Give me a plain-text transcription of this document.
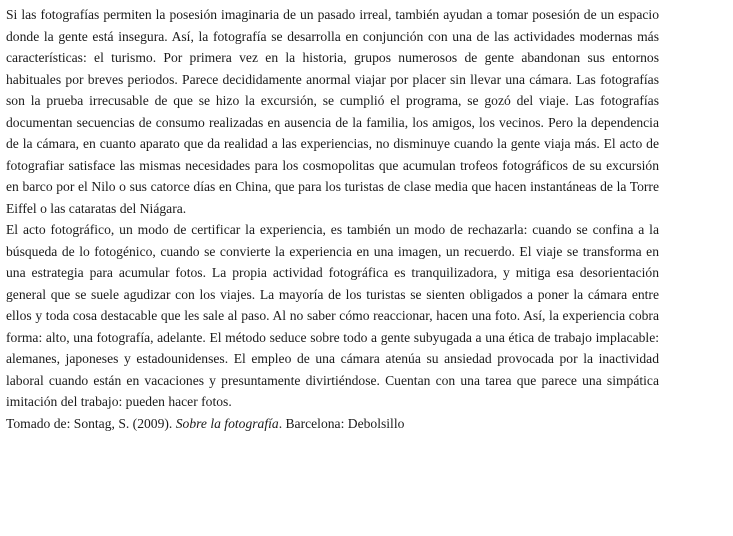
Si las fotografías permiten la posesión imaginaria de un pasado irreal, también ayudan a tomar posesión de un espacio donde la gente está insegura. Así, la fotografía se desarrolla en conjunción con una de las actividades modernas más características: el turismo. Por primera vez en la historia, grupos numerosos de gente abandonan sus entornos habituales por breves periodos. Parece decididamente anormal viajar por placer sin llevar una cámara. Las fotografías son la prueba irrecusable de que se hizo la excursión, se cumplió el programa, se gozó del viaje. Las fotografías documentan secuencias de consumo realizadas en ausencia de la familia, los amigos, los vecinos. Pero la dependencia de la cámara, en cuanto aparato que da realidad a las experiencias, no disminuye cuando la gente viaja más. El acto de fotografiar satisface las mismas necesidades para los cosmopolitas que acumulan trofeos fotográficos de su excursión en barco por el Nilo o sus catorce días en China, que para los turistas de clase media que hacen instantáneas de la Torre Eiffel o las cataratas del Niágara.

El acto fotográfico, un modo de certificar la experiencia, es también un modo de rechazarla: cuando se confina a la búsqueda de lo fotogénico, cuando se convierte la experiencia en una imagen, un recuerdo. El viaje se transforma en una estrategia para acumular fotos. La propia actividad fotográfica es tranquilizadora, y mitiga esa desorientación general que se suele agudizar con los viajes. La mayoría de los turistas se sienten obligados a poner la cámara entre ellos y toda cosa destacable que les sale al paso. Al no saber cómo reaccionar, hacen una foto. Así, la experiencia cobra forma: alto, una fotografía, adelante. El método seduce sobre todo a gente subyugada a una ética de trabajo implacable: alemanes, japoneses y estadounidenses. El empleo de una cámara atenúa su ansiedad provocada por la inactividad laboral cuando están en vacaciones y presuntamente divirtiéndose. Cuentan con una tarea que parece una simpática imitación del trabajo: pueden hacer fotos.

Tomado de: Sontag, S. (2009). Sobre la fotografía. Barcelona: Debolsillo
